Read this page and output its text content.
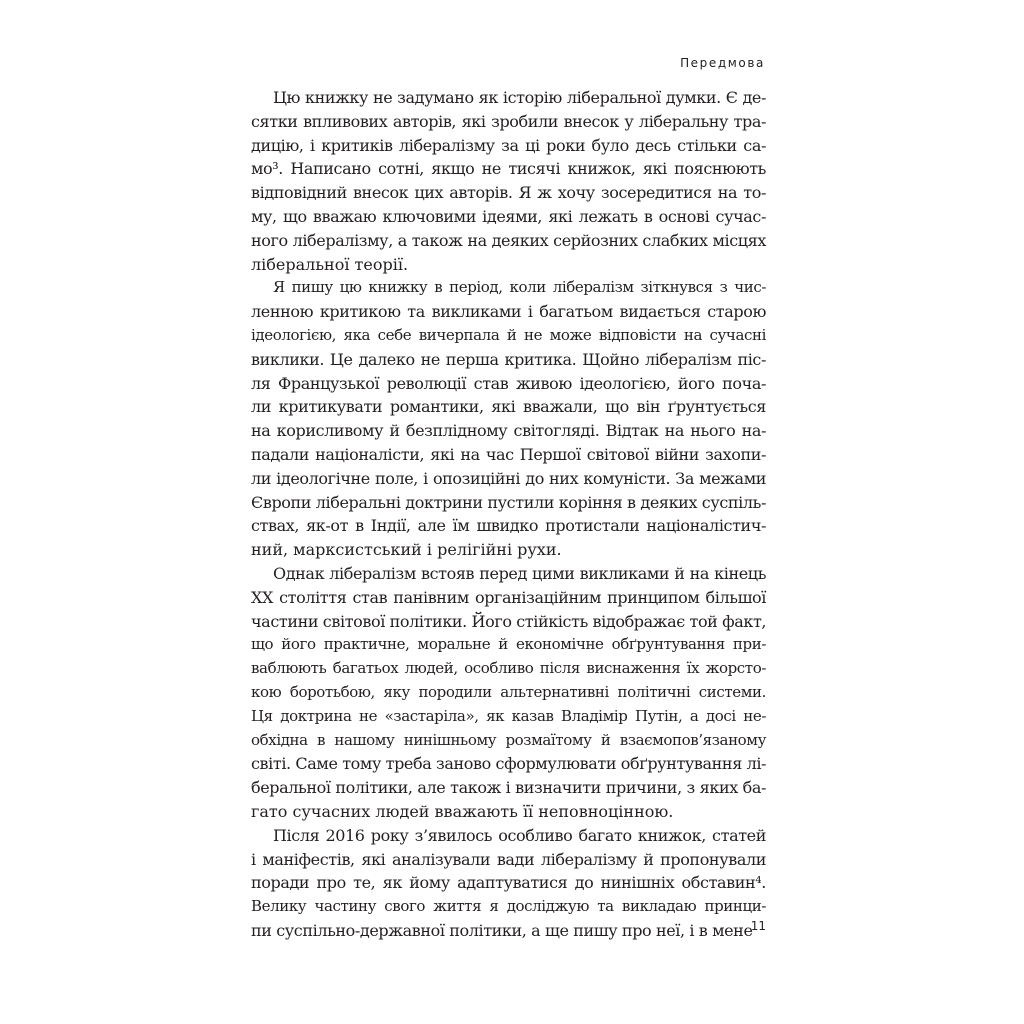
Передмова
Цю книжку не задумано як історію ліберальної думки. Є де-
сятки впливових авторів, які зробили внесок у ліберальну тра-
дицію, і критиків лібералізму за ці роки було десь стільки са-
мо³. Написано сотні, якщо не тисячі книжок, які пояснюють
відповідний внесок цих авторів. Я ж хочу зосередитися на то-
му, що вважаю ключовими ідеями, які лежать в основі сучас-
ного лібералізму, а також на деяких серйозних слабких місцях
ліберальної теорії.
Я пишу цю книжку в період, коли лібералізм зіткнувся з чис-
ленною критикою та викликами і багатьом видається старою
ідеологією, яка себе вичерпала й не може відповісти на сучасні
виклики. Це далеко не перша критика. Щойно лібералізм піс-
ля Французької революції став живою ідеологією, його поча-
ли критикувати романтики, які вважали, що він ґрунтується
на корисливому й безплідному світогляді. Відтак на нього на-
падали націоналісти, які на час Першої світової війни захопи-
ли ідеологічне поле, і опозиційні до них комуністи. За межами
Європи ліберальні доктрини пустили коріння в деяких суспіль-
ствах, як-от в Індії, але їм швидко протистали націоналістич-
ний, марксистський і релігійні рухи.
Однак лібералізм встояв перед цими викликами й на кінець
XX століття став панівним організаційним принципом більшої
частини світової політики. Його стійкість відображає той факт,
що його практичне, моральне й економічне обґрунтування при-
ваблюють багатьох людей, особливо після виснаження їх жорсто-
кою боротьбою, яку породили альтернативні політичні системи.
Ця доктрина не «застаріла», як казав Владімір Путін, а досі не-
обхідна в нашому нинішньому розмаїтому й взаємопов’язаному
світі. Саме тому треба заново сформулювати обґрунтування лі-
беральної політики, але також і визначити причини, з яких ба-
гато сучасних людей вважають її неповноцінною.
Після 2016 року з’явилось особливо багато книжок, статей
і маніфестів, які аналізували вади лібералізму й пропонували
поради про те, як йому адаптуватися до нинішніх обставин⁴.
Велику частину свого життя я досліджую та викладаю принци-
пи суспільно-державної політики, а ще пишу про неї, і в мене
11
